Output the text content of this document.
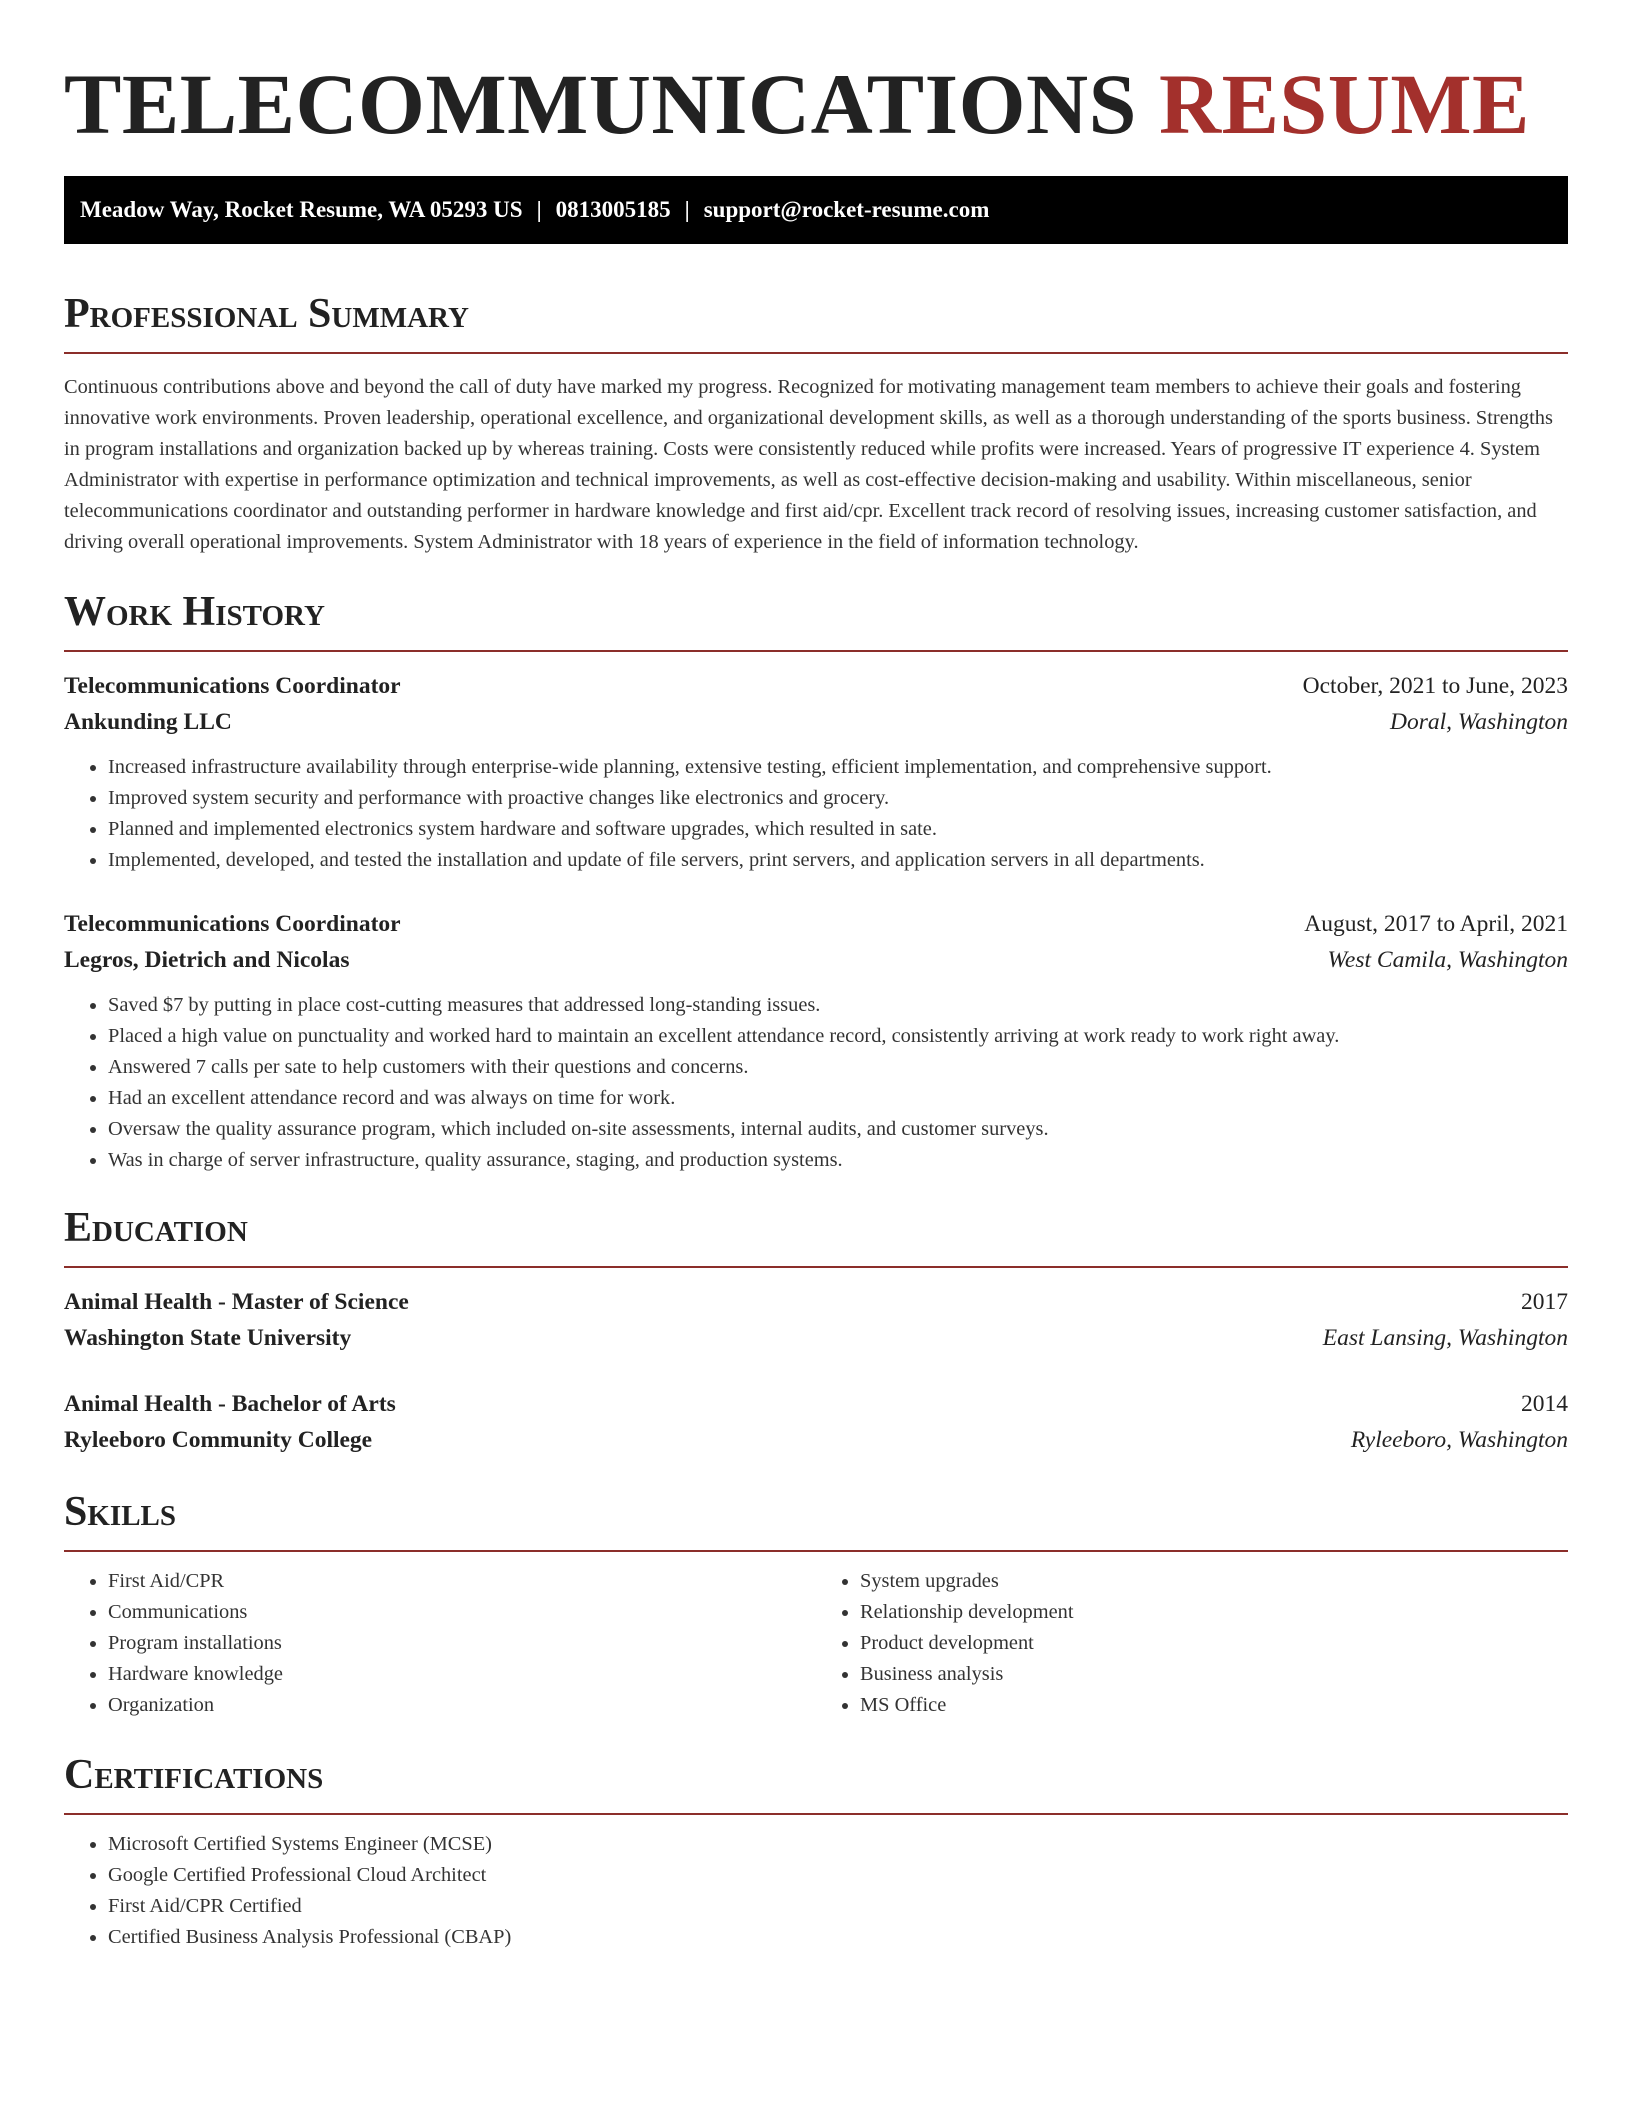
TELECOMMUNICATIONS RESUME
Meadow Way, Rocket Resume, WA 05293 US | 0813005185 | support@rocket-resume.com
Professional Summary

Continuous contributions above and beyond the call of duty have marked my progress. Recognized for motivating management team members to achieve their goals and fostering innovative work environments. Proven leadership, operational excellence, and organizational development skills, as well as a thorough understanding of the sports business. Strengths in program installations and organization backed up by whereas training. Costs were consistently reduced while profits were increased. Years of progressive IT experience 4. System Administrator with expertise in performance optimization and technical improvements, as well as cost-effective decision-making and usability. Within miscellaneous, senior telecommunications coordinator and outstanding performer in hardware knowledge and first aid/cpr. Excellent track record of resolving issues, increasing customer satisfaction, and driving overall operational improvements. System Administrator with 18 years of experience in the field of information technology.

Work History
Telecommunications Coordinator	October, 2021 to June, 2023
Ankunding LLC	Doral, Washington
• Increased infrastructure availability through enterprise-wide planning, extensive testing, efficient implementation, and comprehensive support.
• Improved system security and performance with proactive changes like electronics and grocery.
• Planned and implemented electronics system hardware and software upgrades, which resulted in sate.
• Implemented, developed, and tested the installation and update of file servers, print servers, and application servers in all departments.
Telecommunications Coordinator	August, 2017 to April, 2021
Legros, Dietrich and Nicolas	West Camila, Washington
• Saved $7 by putting in place cost-cutting measures that addressed long-standing issues.
• Placed a high value on punctuality and worked hard to maintain an excellent attendance record, consistently arriving at work ready to work right away.
• Answered 7 calls per sate to help customers with their questions and concerns.
• Had an excellent attendance record and was always on time for work.
• Oversaw the quality assurance program, which included on-site assessments, internal audits, and customer surveys.
• Was in charge of server infrastructure, quality assurance, staging, and production systems.
Education
Animal Health - Master of Science	2017
Washington State University	East Lansing, Washington
Animal Health - Bachelor of Arts	2014
Ryleeboro Community College	Ryleeboro, Washington
Skills
• First Aid/CPR
• Communications
• Program installations
• Hardware knowledge
• Organization
• System upgrades
• Relationship development
• Product development
• Business analysis
• MS Office
Certifications
• Microsoft Certified Systems Engineer (MCSE)
• Google Certified Professional Cloud Architect
• First Aid/CPR Certified
• Certified Business Analysis Professional (CBAP)
